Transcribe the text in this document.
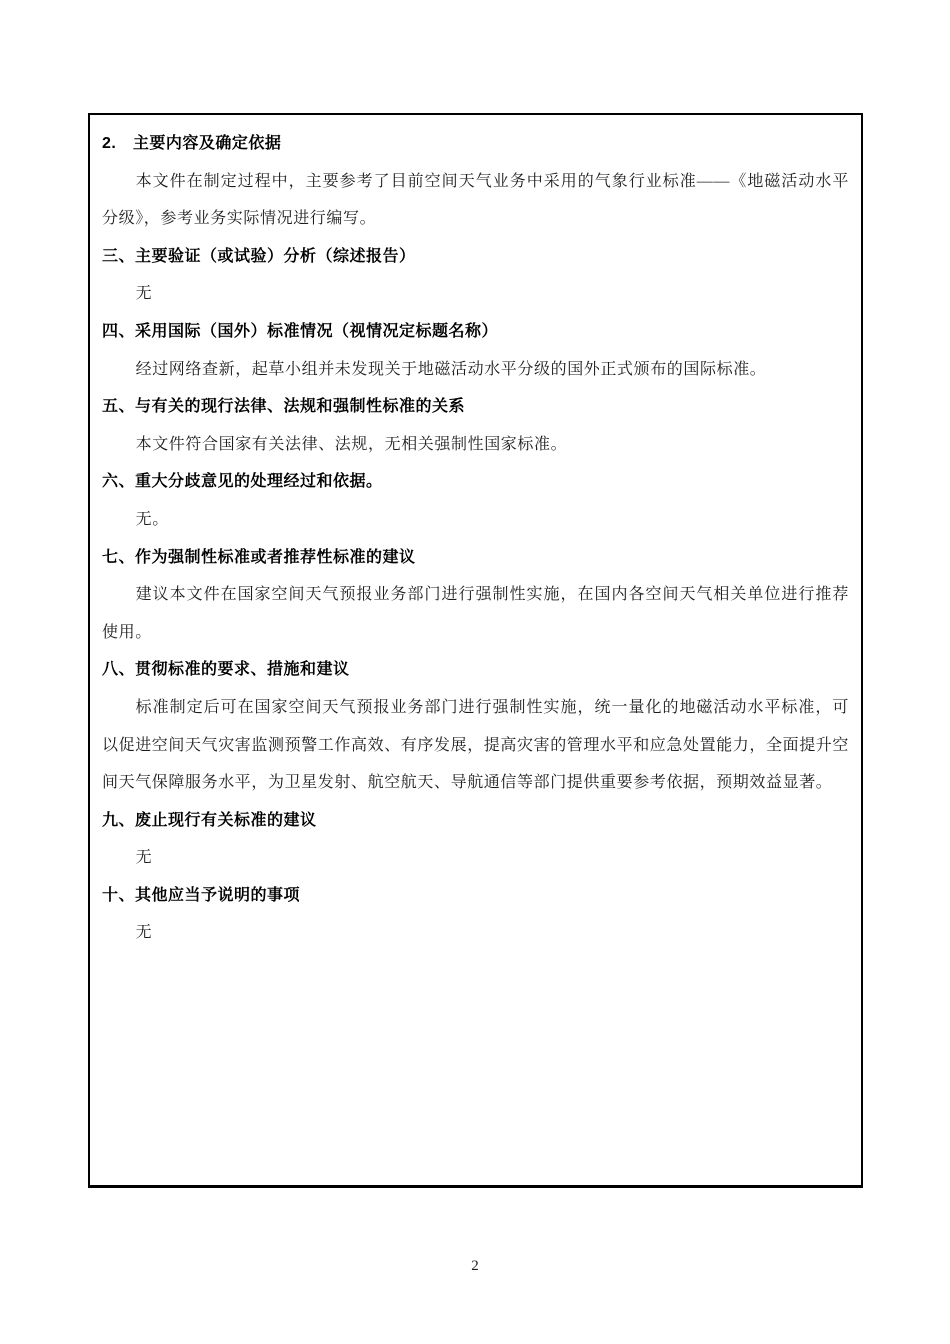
2.　主要内容及确定依据

本文件在制定过程中，主要参考了目前空间天气业务中采用的气象行业标准——《地磁活动水平分级》，参考业务实际情况进行编写。

三、主要验证（或试验）分析（综述报告）

无

四、采用国际（国外）标准情况（视情况定标题名称）

经过网络查新，起草小组并未发现关于地磁活动水平分级的国外正式颁布的国际标准。

五、与有关的现行法律、法规和强制性标准的关系

本文件符合国家有关法律、法规，无相关强制性国家标准。

六、重大分歧意见的处理经过和依据。

无。

七、作为强制性标准或者推荐性标准的建议

建议本文件在国家空间天气预报业务部门进行强制性实施，在国内各空间天气相关单位进行推荐使用。

八、贯彻标准的要求、措施和建议

标准制定后可在国家空间天气预报业务部门进行强制性实施，统一量化的地磁活动水平标准，可以促进空间天气灾害监测预警工作高效、有序发展，提高灾害的管理水平和应急处置能力，全面提升空间天气保障服务水平，为卫星发射、航空航天、导航通信等部门提供重要参考依据，预期效益显著。

九、废止现行有关标准的建议

无

十、其他应当予说明的事项

无

2
